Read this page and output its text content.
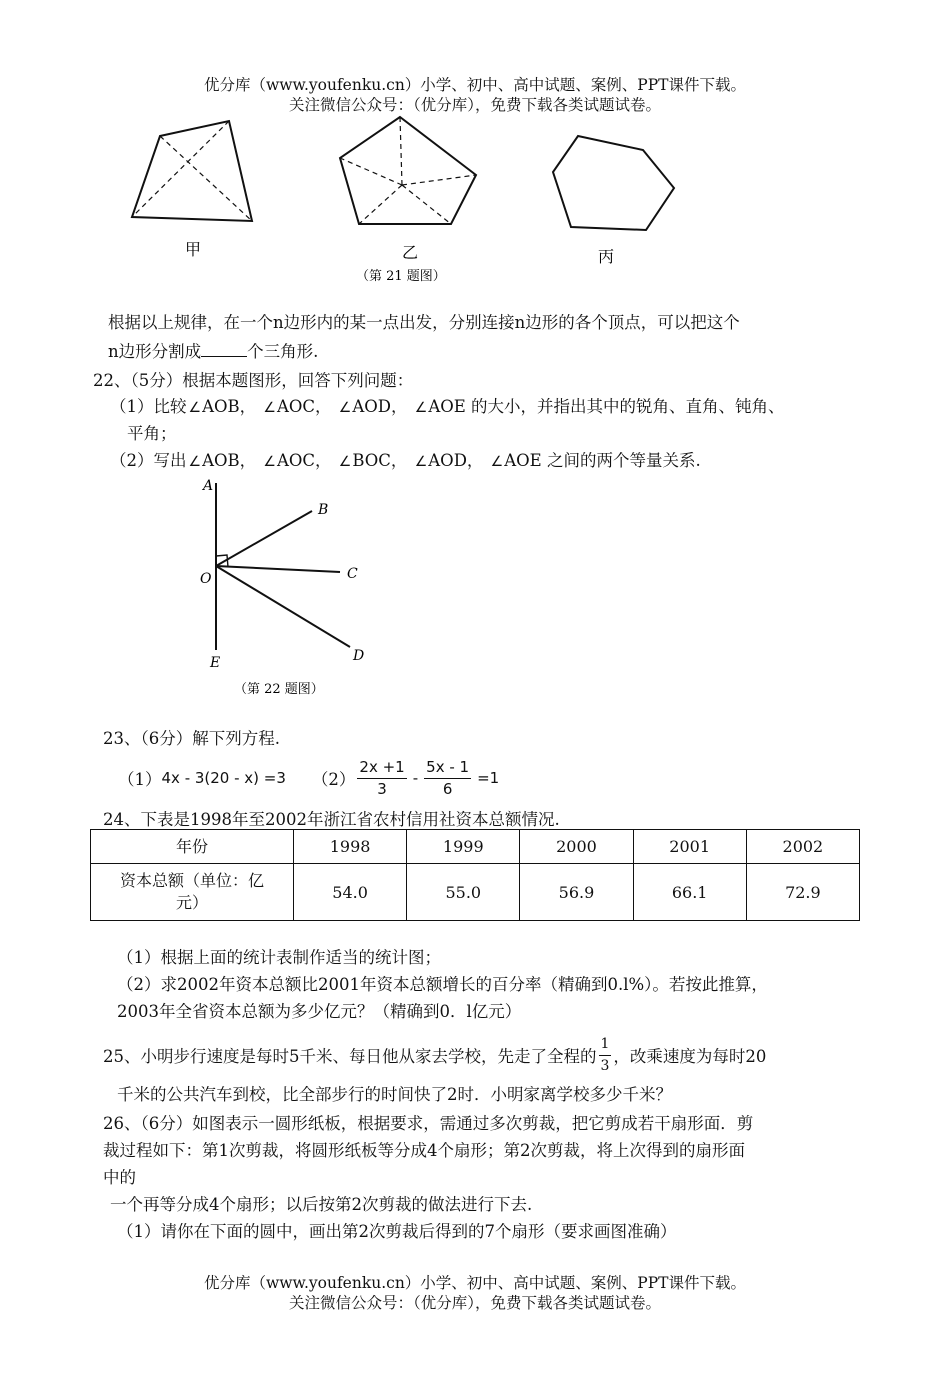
优分库（www.youfenku.cn）小学、初中、高中试题、案例、PPT课件下载。
关注微信公众号：（优分库），免费下载各类试题试卷。
甲	乙	丙
（第 21 题图）
根据以上规律，在一个n边形内的某一点出发，分别连接n边形的各个顶点，可以把这个
n边形分割成	个三角形.
22、（5分）根据本题图形，回答下列问题：
（1）比较 ∠AOB， ∠AOC， ∠AOD， ∠AOE 的大小，并指出其中的锐角、直角、钝角、
平角；
（2）写出 ∠AOB， ∠AOC， ∠BOC， ∠AOD， ∠AOE 之间的两个等量关系.
A
B
C
D
E
O
（第 22 题图）
23、（6分）解下列方程.
（1） 4x - 3(20 - x) =3 $(2) \frac{2x +1}{3} - \frac{5x - 1}{6} =1$
24、下表是1998年至2002年浙江省农村信用社资本总额情况.
年份	1998	1999	2000	2001	2002

资本总额（单位：亿
元）	54.0	55.0	56.9	66.1	72.9
（1）根据上面的统计表制作适当的统计图；
（2）求2002年资本总额比2001年资本总额增长的百分率（精确到0.l%）。若按此推算，
2003年全省资本总额为多少亿元？（精确到0．l亿元）
25、小明步行速度是每时5千米、每日他从家去学校，先走了全程的 $\frac{1}{3}$ ，改乘速度为每时20
千米的公共汽车到校，比全部步行的时间快了2时．小明家离学校多少千米？
26、（6分）如图表示一圆形纸板，根据要求，需通过多次剪裁，把它剪成若干扇形面．剪
裁过程如下：第1次剪裁，将圆形纸板等分成4个扇形；第2次剪裁，将上次得到的扇形面
中的
一个再等分成4个扇形；以后按第2次剪裁的做法进行下去.
（1）请你在下面的圆中，画出第2次剪裁后得到的7个扇形（要求画图准确）
优分库（www.youfenku.cn）小学、初中、高中试题、案例、PPT课件下载。
关注微信公众号：（优分库），免费下载各类试题试卷。
